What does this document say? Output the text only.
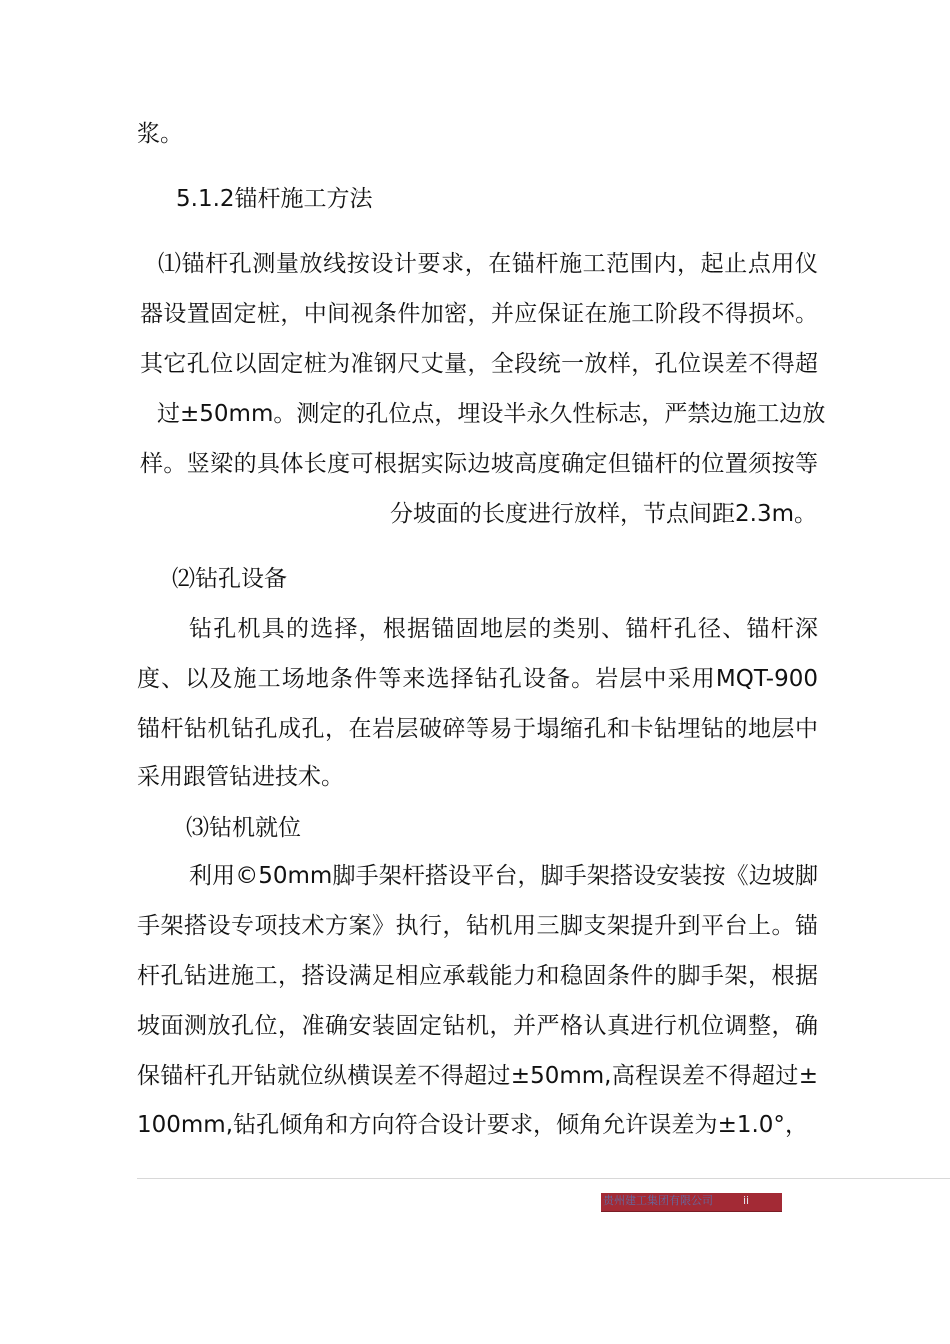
浆。
5.1.2锚杆施工方法
⑴锚杆孔测量放线按设计要求，在锚杆施工范围内，起止点用仪
器设置固定桩，中间视条件加密，并应保证在施工阶段不得损坏。
其它孔位以固定桩为准钢尺丈量，全段统一放样，孔位误差不得超
过±50mm。测定的孔位点，埋设半永久性标志，严禁边施工边放
样。竖梁的具体长度可根据实际边坡高度确定但锚杆的位置须按等
分坡面的长度进行放样，节点间距2.3m。
⑵钻孔设备
钻孔机具的选择，根据锚固地层的类别、锚杆孔径、锚杆深
度、以及施工场地条件等来选择钻孔设备。岩层中采用MQT-900
锚杆钻机钻孔成孔，在岩层破碎等易于塌缩孔和卡钻埋钻的地层中
采用跟管钻进技术。
⑶钻机就位
利用©50mm脚手架杆搭设平台，脚手架搭设安装按《边坡脚
手架搭设专项技术方案》执行，钻机用三脚支架提升到平台上。锚
杆孔钻进施工，搭设满足相应承载能力和稳固条件的脚手架，根据
坡面测放孔位，准确安装固定钻机，并严格认真进行机位调整，确
保锚杆孔开钻就位纵横误差不得超过±50mm,高程误差不得超过±
100mm,钻孔倾角和方向符合设计要求，倾角允许误差为±1.0°，
贵州建工集团有限公司	ii
